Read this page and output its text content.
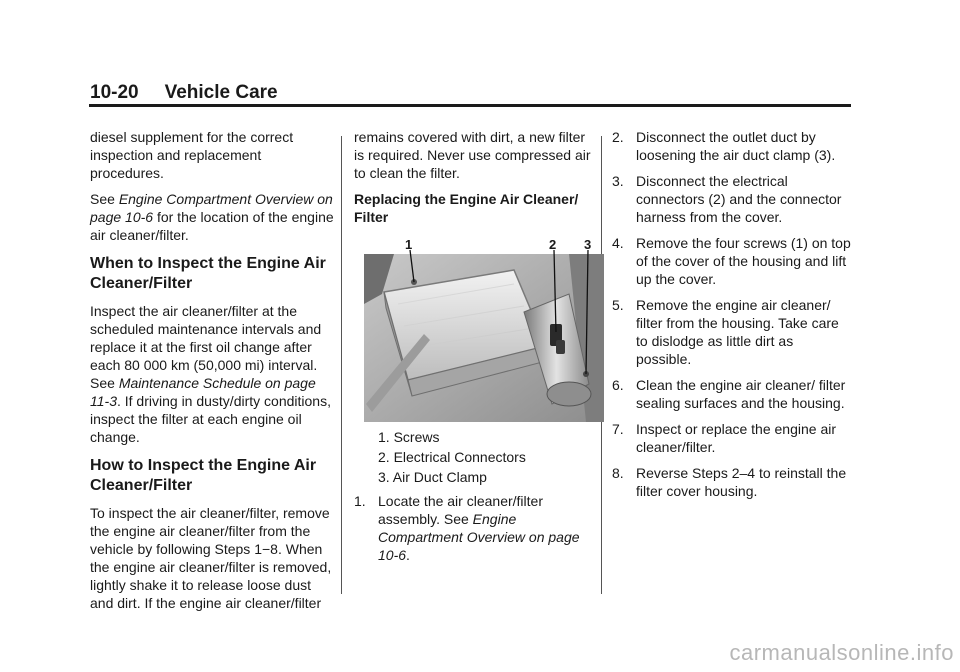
10-20 Vehicle Care

diesel supplement for the correct inspection and replacement procedures.

See Engine Compartment Overview on page 10-6 for the location of the engine air cleaner/filter.

When to Inspect the Engine Air Cleaner/Filter

Inspect the air cleaner/filter at the scheduled maintenance intervals and replace it at the first oil change after each 80 000 km (50,000 mi) interval. See Maintenance Schedule on page 11-3. If driving in dusty/dirty conditions, inspect the filter at each engine oil change.

How to Inspect the Engine Air Cleaner/Filter

To inspect the air cleaner/filter, remove the engine air cleaner/filter from the vehicle by following Steps 1−8. When the engine air cleaner/filter is removed, lightly shake it to release loose dust and dirt. If the engine air cleaner/filter

remains covered with dirt, a new filter is required. Never use compressed air to clean the filter.

Replacing the Engine Air Cleaner/ Filter

1	2 3
1. Screws
2. Electrical Connectors
3. Air Duct Clamp
1. Locate the air cleaner/filter assembly. See Engine Compartment Overview on page 10-6.
2. Disconnect the outlet duct by loosening the air duct clamp (3).
3. Disconnect the electrical connectors (2) and the connector harness from the cover.
4. Remove the four screws (1) on top of the cover of the housing and lift up the cover.
5. Remove the engine air cleaner/ filter from the housing. Take care to dislodge as little dirt as possible.
6. Clean the engine air cleaner/ filter sealing surfaces and the housing.
7. Inspect or replace the engine air cleaner/filter.
8. Reverse Steps 2–4 to reinstall the filter cover housing.
carmanualsonline.info
